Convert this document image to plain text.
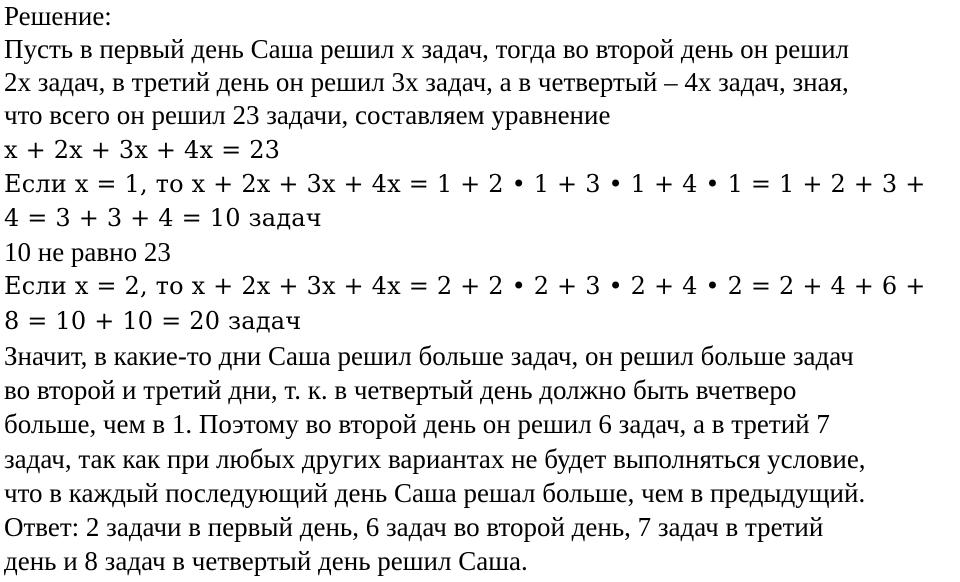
Решение:
Пусть в первый день Саша решил x задач, тогда во второй день он решил
2x задач, в третий день он решил 3x задач, а в четвертый – 4x задач, зная,
что всего он решил 23 задачи, составляем уравнение
x + 2x + 3x + 4x = 23
Если x = 1, то x + 2x + 3x + 4x = 1 + 2 • 1 + 3 • 1 + 4 • 1 = 1 + 2 + 3 +
4 = 3 + 3 + 4 = 10 задач
10 не равно 23
Если x = 2, то x + 2x + 3x + 4x = 2 + 2 • 2 + 3 • 2 + 4 • 2 = 2 + 4 + 6 +
8 = 10 + 10 = 20 задач
Значит, в какие-то дни Саша решил больше задач, он решил больше задач
во второй и третий дни, т. к. в четвертый день должно быть вчетверо
больше, чем в 1. Поэтому во второй день он решил 6 задач, а в третий 7
задач, так как при любых других вариантах не будет выполняться условие,
что в каждый последующий день Саша решал больше, чем в предыдущий.
Ответ: 2 задачи в первый день, 6 задач во второй день, 7 задач в третий
день и 8 задач в четвертый день решил Саша.
